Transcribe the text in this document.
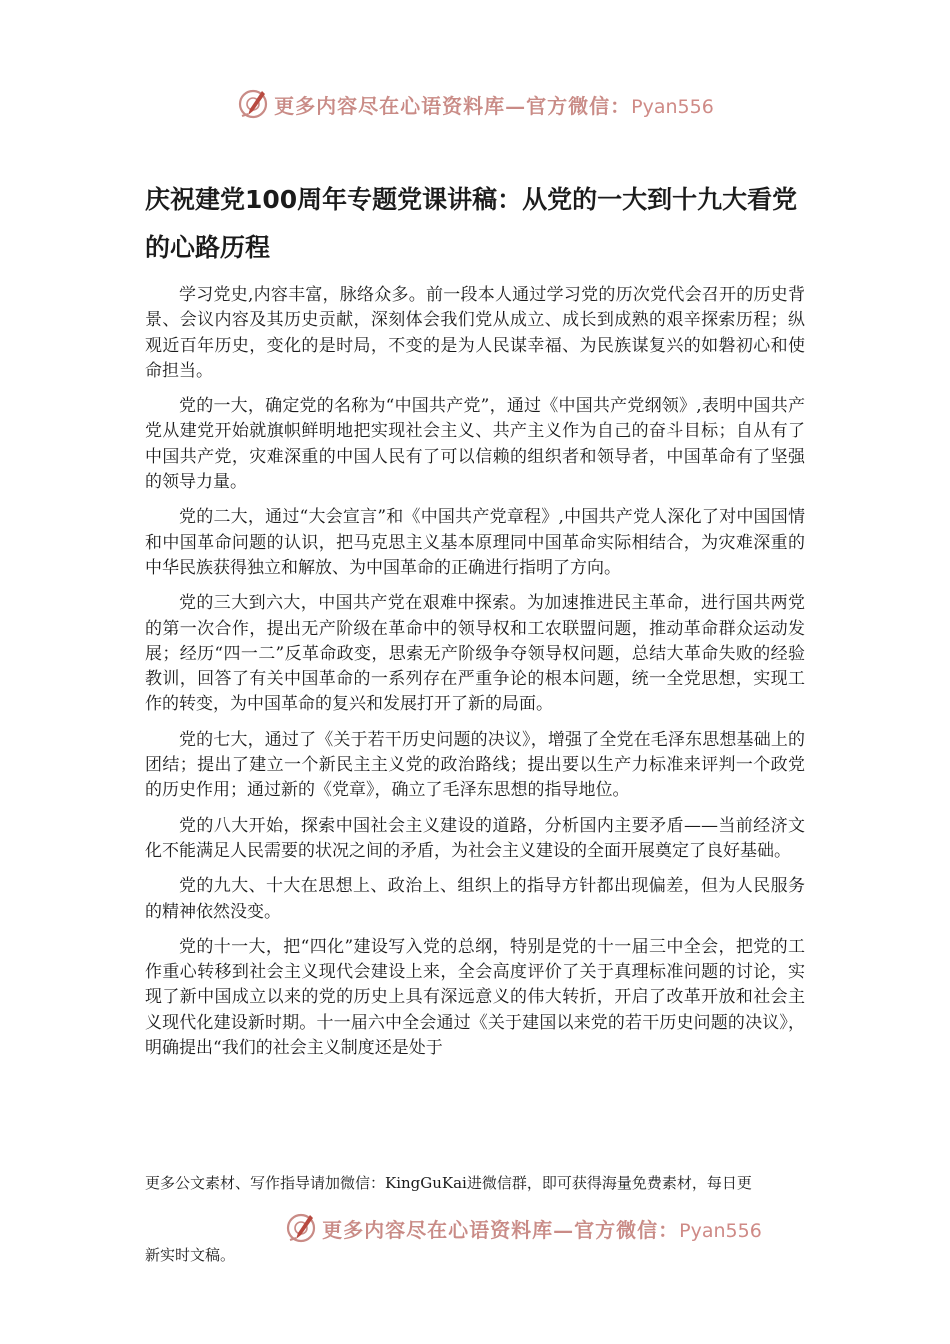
更多内容尽在心语资料库—官方微信：Pyan556
庆祝建党100周年专题党课讲稿：从党的一大到十九大看党的心路历程

学习党史,内容丰富，脉络众多。前一段本人通过学习党的历次党代会召开的历史背景、会议内容及其历史贡献，深刻体会我们党从成立、成长到成熟的艰辛探索历程；纵观近百年历史，变化的是时局，不变的是为人民谋幸福、为民族谋复兴的如磐初心和使命担当。

党的一大，确定党的名称为“中国共产党”，通过《中国共产党纲领》,表明中国共产党从建党开始就旗帜鲜明地把实现社会主义、共产主义作为自己的奋斗目标；自从有了中国共产党，灾难深重的中国人民有了可以信赖的组织者和领导者，中国革命有了坚强的领导力量。

党的二大，通过“大会宣言”和《中国共产党章程》,中国共产党人深化了对中国国情和中国革命问题的认识，把马克思主义基本原理同中国革命实际相结合，为灾难深重的中华民族获得独立和解放、为中国革命的正确进行指明了方向。

党的三大到六大，中国共产党在艰难中探索。为加速推进民主革命，进行国共两党的第一次合作，提出无产阶级在革命中的领导权和工农联盟问题，推动革命群众运动发展；经历“四一二”反革命政变，思索无产阶级争夺领导权问题，总结大革命失败的经验教训，回答了有关中国革命的一系列存在严重争论的根本问题，统一全党思想，实现工作的转变，为中国革命的复兴和发展打开了新的局面。

党的七大，通过了《关于若干历史问题的决议》，增强了全党在毛泽东思想基础上的团结；提出了建立一个新民主主义党的政治路线；提出要以生产力标准来评判一个政党的历史作用；通过新的《党章》，确立了毛泽东思想的指导地位。

党的八大开始，探索中国社会主义建设的道路，分析国内主要矛盾——当前经济文化不能满足人民需要的状况之间的矛盾，为社会主义建设的全面开展奠定了良好基础。

党的九大、十大在思想上、政治上、组织上的指导方针都出现偏差，但为人民服务的精神依然没变。

党的十一大，把“四化”建设写入党的总纲，特别是党的十一届三中全会，把党的工作重心转移到社会主义现代会建设上来，全会高度评价了关于真理标准问题的讨论，实现了新中国成立以来的党的历史上具有深远意义的伟大转折，开启了改革开放和社会主义现代化建设新时期。十一届六中全会通过《关于建国以来党的若干历史问题的决议》，明确提出“我们的社会主义制度还是处于

更多公文素材、写作指导请加微信：KingGuKai进微信群，即可获得海量免费素材，每日更

更多内容尽在心语资料库—官方微信：Pyan556

新实时文稿。
